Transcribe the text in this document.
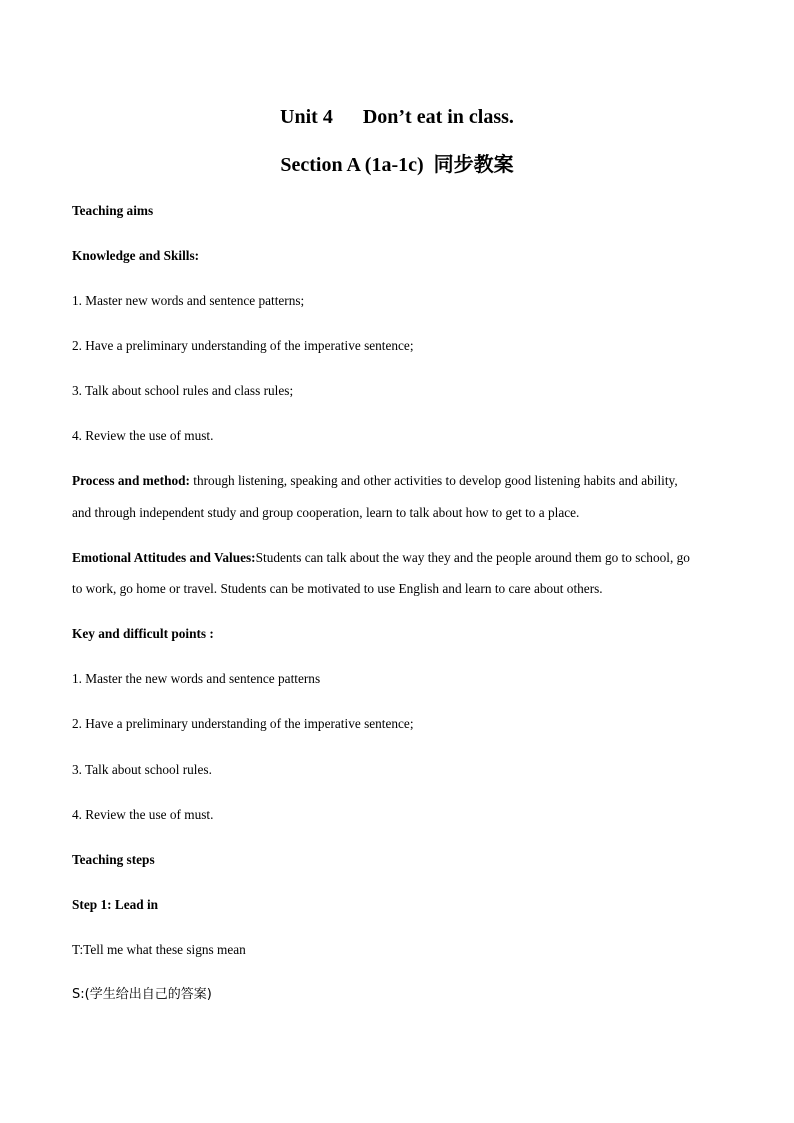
Unit 4      Don’t eat in class.
Section A (1a-1c)  同步教案
Teaching aims
Knowledge and Skills:
1. Master new words and sentence patterns;
2. Have a preliminary understanding of the imperative sentence;
3. Talk about school rules and class rules;
4. Review the use of must.
Process and method: through listening, speaking and other activities to develop good listening habits and ability,
and through independent study and group cooperation, learn to talk about how to get to a place.
Emotional Attitudes and Values:Students can talk about the way they and the people around them go to school, go
to work, go home or travel. Students can be motivated to use English and learn to care about others.
Key and difficult points :
1. Master the new words and sentence patterns
2. Have a preliminary understanding of the imperative sentence;
3. Talk about school rules.
4. Review the use of must.
Teaching steps
Step 1: Lead in
T:Tell me what these signs mean
S:(学生给出自己的答案)
